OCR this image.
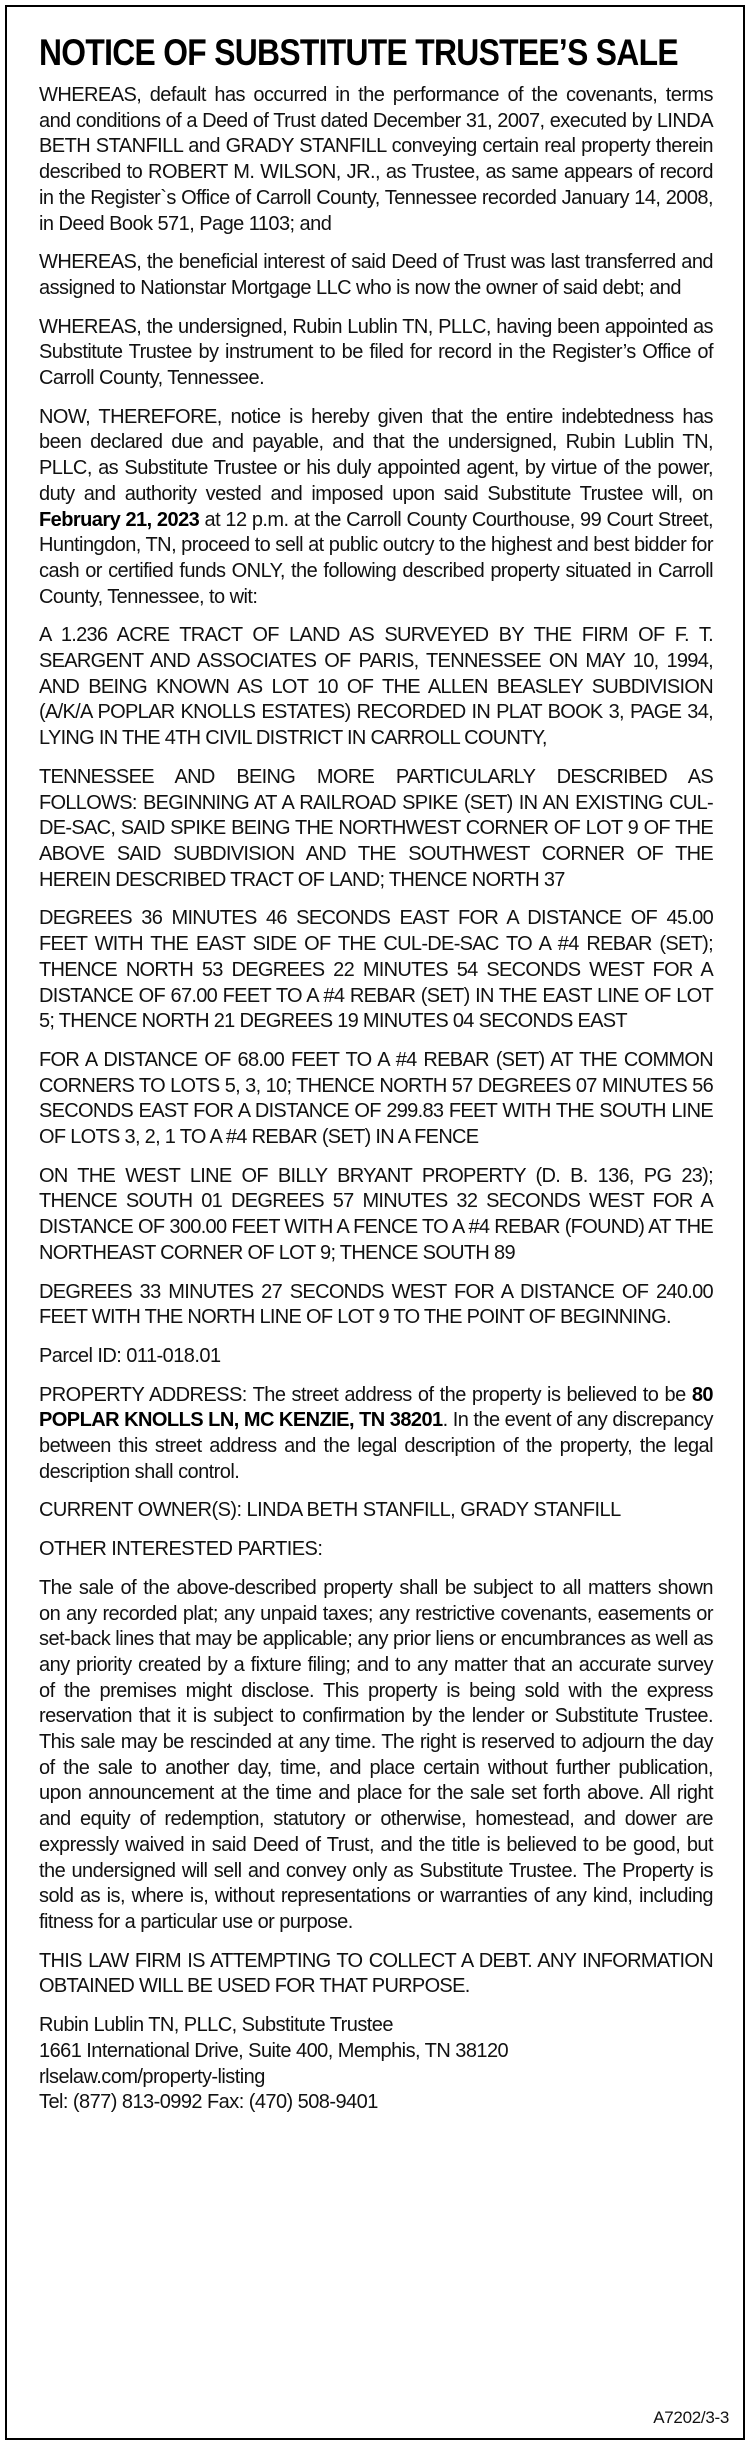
NOTICE OF SUBSTITUTE TRUSTEE’S SALE

WHEREAS, default has occurred in the performance of the covenants, terms and conditions of a Deed of Trust dated December 31, 2007, executed by LINDA BETH STANFILL and GRADY STANFILL conveying certain real property therein described to ROBERT M. WILSON, JR., as Trustee, as same appears of record in the Register`s Office of Carroll County, Tennessee recorded January 14, 2008, in Deed Book 571, Page 1103; and

WHEREAS, the beneficial interest of said Deed of Trust was last transferred and assigned to Nationstar Mortgage LLC who is now the owner of said debt; and

WHEREAS, the undersigned, Rubin Lublin TN, PLLC, having been appointed as Substitute Trustee by instrument to be filed for record in the Register’s Office of Carroll County, Tennessee.

NOW, THEREFORE, notice is hereby given that the entire indebtedness has been declared due and payable, and that the undersigned, Rubin Lublin TN, PLLC, as Substitute Trustee or his duly appointed agent, by virtue of the power, duty and authority vested and imposed upon said Substitute Trustee will, on February 21, 2023 at 12 p.m. at the Carroll County Courthouse, 99 Court Street, Huntingdon, TN, proceed to sell at public outcry to the highest and best bidder for cash or certified funds ONLY, the following described property situated in Carroll County, Tennessee, to wit:

A 1.236 ACRE TRACT OF LAND AS SURVEYED BY THE FIRM OF F. T. SEARGENT AND ASSOCIATES OF PARIS, TENNESSEE ON MAY 10, 1994, AND BEING KNOWN AS LOT 10 OF THE ALLEN BEASLEY SUBDIVISION (A/K/A POPLAR KNOLLS ESTATES) RECORDED IN PLAT BOOK 3, PAGE 34, LYING IN THE 4TH CIVIL DISTRICT IN CARROLL COUNTY,

TENNESSEE AND BEING MORE PARTICULARLY DESCRIBED AS FOLLOWS: BEGINNING AT A RAILROAD SPIKE (SET) IN AN EXISTING CUL-DE-SAC, SAID SPIKE BEING THE NORTHWEST CORNER OF LOT 9 OF THE ABOVE SAID SUBDIVISION AND THE SOUTHWEST CORNER OF THE HEREIN DESCRIBED TRACT OF LAND; THENCE NORTH 37

DEGREES 36 MINUTES 46 SECONDS EAST FOR A DISTANCE OF 45.00 FEET WITH THE EAST SIDE OF THE CUL-DE-SAC TO A #4 REBAR (SET); THENCE NORTH 53 DEGREES 22 MINUTES 54 SECONDS WEST FOR A DISTANCE OF 67.00 FEET TO A #4 REBAR (SET) IN THE EAST LINE OF LOT 5; THENCE NORTH 21 DEGREES 19 MINUTES 04 SECONDS EAST

FOR A DISTANCE OF 68.00 FEET TO A #4 REBAR (SET) AT THE COMMON CORNERS TO LOTS 5, 3, 10; THENCE NORTH 57 DEGREES 07 MINUTES 56 SECONDS EAST FOR A DISTANCE OF 299.83 FEET WITH THE SOUTH LINE OF LOTS 3, 2, 1 TO A #4 REBAR (SET) IN A FENCE

ON THE WEST LINE OF BILLY BRYANT PROPERTY (D. B. 136, PG 23); THENCE SOUTH 01 DEGREES 57 MINUTES 32 SECONDS WEST FOR A DISTANCE OF 300.00 FEET WITH A FENCE TO A #4 REBAR (FOUND) AT THE NORTHEAST CORNER OF LOT 9; THENCE SOUTH 89

DEGREES 33 MINUTES 27 SECONDS WEST FOR A DISTANCE OF 240.00 FEET WITH THE NORTH LINE OF LOT 9 TO THE POINT OF BEGINNING.

Parcel ID: 011-018.01

PROPERTY ADDRESS: The street address of the property is believed to be 80 POPLAR KNOLLS LN, MC KENZIE, TN 38201. In the event of any discrepancy between this street address and the legal description of the property, the legal description shall control.

CURRENT OWNER(S): LINDA BETH STANFILL, GRADY STANFILL

OTHER INTERESTED PARTIES:

The sale of the above-described property shall be subject to all matters shown on any recorded plat; any unpaid taxes; any restrictive covenants, easements or set-back lines that may be applicable; any prior liens or encumbrances as well as any priority created by a fixture filing; and to any matter that an accurate survey of the premises might disclose. This property is being sold with the express reservation that it is subject to confirmation by the lender or Substitute Trustee. This sale may be rescinded at any time. The right is reserved to adjourn the day of the sale to another day, time, and place certain without further publication, upon announcement at the time and place for the sale set forth above. All right and equity of redemption, statutory or otherwise, homestead, and dower are expressly waived in said Deed of Trust, and the title is believed to be good, but the undersigned will sell and convey only as Substitute Trustee. The Property is sold as is, where is, without representations or warranties of any kind, including fitness for a particular use or purpose.

THIS LAW FIRM IS ATTEMPTING TO COLLECT A DEBT. ANY INFORMATION OBTAINED WILL BE USED FOR THAT PURPOSE.

Rubin Lublin TN, PLLC, Substitute Trustee
1661 International Drive, Suite 400, Memphis, TN 38120
rlselaw.com/property-listing
Tel: (877) 813-0992 Fax: (470) 508-9401
A7202/3-3
